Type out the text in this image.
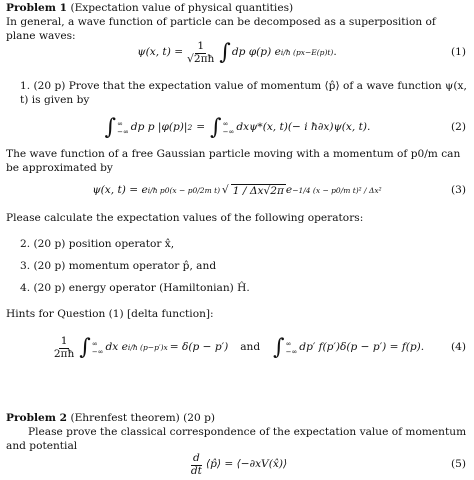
Problem 1 (Expectation value of physical quantities)
In general, a wave function of particle can be decomposed as a superposition of plane waves:
ψ(x, $t) = \frac{1}{√2\pi ħ}$ ∫ dp φ(p) e i/ħ (px−E(p)t) .	(1)
1. (20 p) Prove that the expectation value of momentum ⟨p̂⟩ of a wave function ψ(x, t) is given by
∫ ∞
−∞ dp p |φ(p)| 2 = ∫ ∞
−∞ dxψ*(x, t)(− i ħ∂x)ψ(x, t).	(2)
The wave function of a free Gaussian particle moving with a momentum of p0/m can be approximated by
ψ(x, t) = e i/ħ p0(x − p0/2m t) √ 1 / Δx√2π e −1/4 (x − p0/m t)² / Δx²	(3)
Please calculate the expectation values of the following operators:
2. (20 p) position operator x̂,
3. (20 p) momentum operator p̂, and
4. (20 p) energy operator (Hamiltonian) Ĥ.
Hints for Question (1) [delta function]:
$\frac{1}{2\pi ħ}$ ∫ ∞
−∞ dx e i/ħ (p−p′)x = δ(p − p′) and ∫ ∞
−∞ dp′ f(p′)δ(p − p′) = f(p).	(4)
Problem 2 (Ehrenfest theorem) (20 p)
Please prove the classical correspondence of the expectation value of momentum and potential
$\frac{d}{dt}$ ⟨p̂⟩ = ⟨−∂xV(x̂)⟩	(5)
